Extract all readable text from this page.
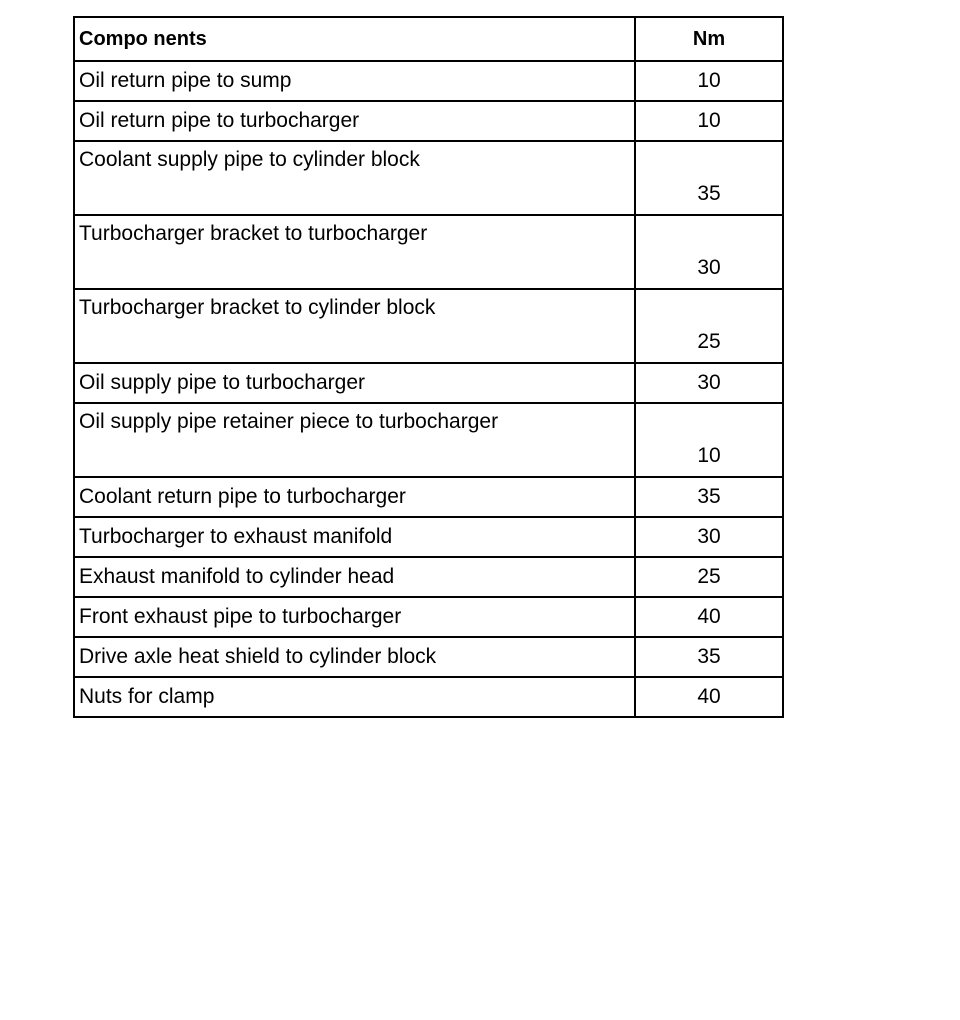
Compo nents	Nm
Oil return pipe to sump	10
Oil return pipe to turbocharger	10
Coolant supply pipe to cylinder block	35
Turbocharger bracket to turbocharger	30
Turbocharger bracket to cylinder block	25
Oil supply pipe to turbocharger	30
Oil supply pipe retainer piece to turbocharger	10
Coolant return pipe to turbocharger	35
Turbocharger to exhaust manifold	30
Exhaust manifold to cylinder head	25
Front exhaust pipe to turbocharger	40
Drive axle heat shield to cylinder block	35
Nuts for clamp	40
